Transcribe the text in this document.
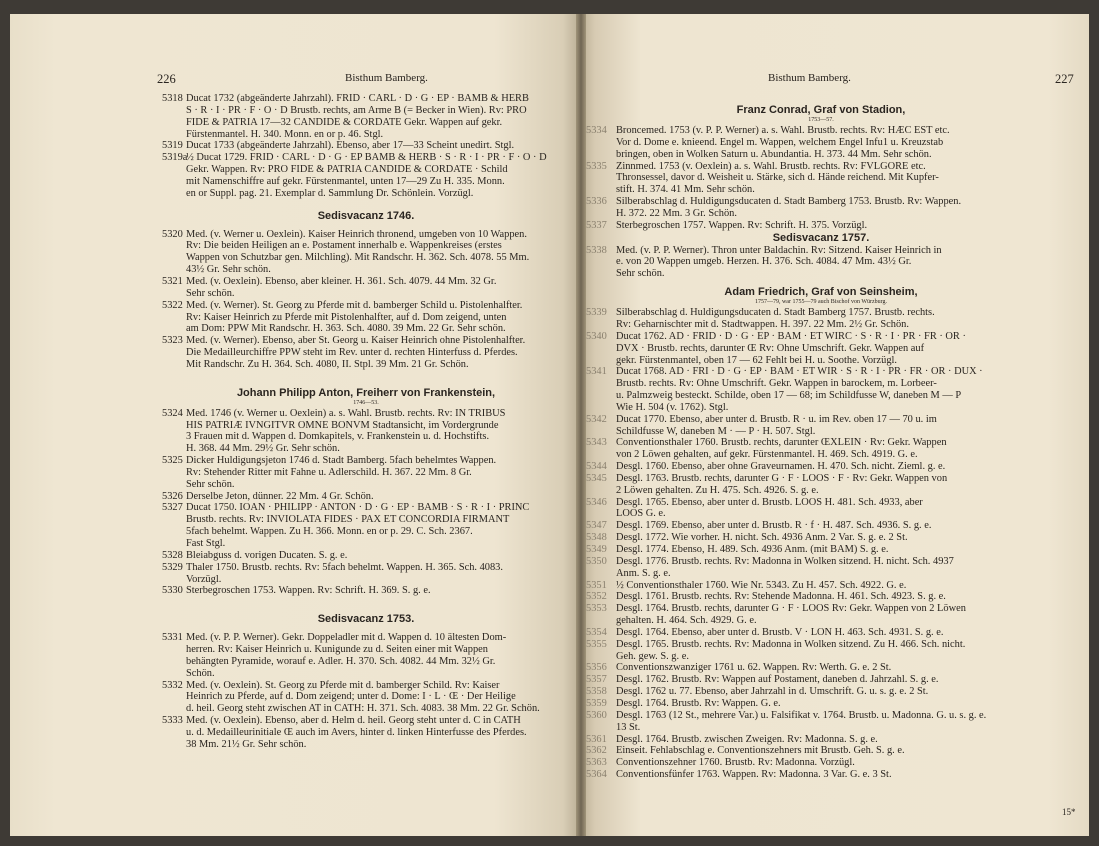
226	Bisthum Bamberg.
5318 Ducat 1732 (abgeänderte Jahrzahl). FRID · CARL · D · G · EP · BAMB & HERB
S · R · I · PR · F · O · D Brustb. rechts, am Arme B (= Becker in Wien). Rv: PRO
FIDE & PATRIA 17—32 CANDIDE & CORDATE Gekr. Wappen auf gekr.
Fürstenmantel. H. 340. Monn. en or p. 46. Stgl.
5319 Ducat 1733 (abgeänderte Jahrzahl). Ebenso, aber 17—33 Scheint unedirt. Stgl.
5319a
½ Ducat 1729. FRID · CARL · D · G · EP BAMB & HERB · S · R · I · PR · F · O · D
Gekr. Wappen. Rv: PRO FIDE & PATRIA CANDIDE & CORDATE · Schild
mit Namenschiffre auf gekr. Fürstenmantel, unten 17—29 Zu H. 335. Monn.
en or Suppl. pag. 21. Exemplar d. Sammlung Dr. Schönlein. Vorzügl.

Sedisvacanz 1746.

5320 Med. (v. Werner u. Oexlein). Kaiser Heinrich thronend, umgeben von 10 Wappen.
Rv: Die beiden Heiligen an e. Postament innerhalb e. Wappenkreises (erstes
Wappen von Schutzbar gen. Milchling). Mit Randschr. H. 362. Sch. 4078. 55 Mm.
43½ Gr. Sehr schön.
5321 Med. (v. Oexlein). Ebenso, aber kleiner. H. 361. Sch. 4079. 44 Mm. 32 Gr.
Sehr schön.
5322 Med. (v. Werner). St. Georg zu Pferde mit d. bamberger Schild u. Pistolenhalfter.
Rv: Kaiser Heinrich zu Pferde mit Pistolenhalfter, auf d. Dom zeigend, unten
am Dom: PPW Mit Randschr. H. 363. Sch. 4080. 39 Mm. 22 Gr. Sehr schön.
5323 Med. (v. Werner). Ebenso, aber St. Georg u. Kaiser Heinrich ohne Pistolenhalfter.
Die Medailleurchiffre PPW steht im Rev. unter d. rechten Hinterfuss d. Pferdes.
Mit Randschr. Zu H. 364. Sch. 4080, II. Stpl. 39 Mm. 21 Gr. Schön.

Johann Philipp Anton, Freiherr von Frankenstein,

1746—53.

5324 Med. 1746 (v. Werner u. Oexlein) a. s. Wahl. Brustb. rechts. Rv: IN TRIBUS
HIS PATRIÆ IVNGITVR OMNE BONVM Stadtansicht, im Vordergrunde
3 Frauen mit d. Wappen d. Domkapitels, v. Frankenstein u. d. Hochstifts.
H. 368. 44 Mm. 29½ Gr. Sehr schön.
5325 Dicker Huldigungsjeton 1746 d. Stadt Bamberg. 5fach behelmtes Wappen.
Rv: Stehender Ritter mit Fahne u. Adlerschild. H. 367. 22 Mm. 8 Gr.
Sehr schön.
5326 Derselbe Jeton, dünner. 22 Mm. 4 Gr. Schön.
5327 Ducat 1750. IOAN · PHILIPP · ANTON · D · G · EP · BAMB · S · R · I · PRINC
Brustb. rechts. Rv: INVIOLATA FIDES · PAX ET CONCORDIA FIRMANT
5fach behelmt. Wappen. Zu H. 366. Monn. en or p. 29. C. Sch. 2367.
Fast Stgl.
5328 Bleiabguss d. vorigen Ducaten. S. g. e.
5329 Thaler 1750. Brustb. rechts. Rv: 5fach behelmt. Wappen. H. 365. Sch. 4083.
Vorzügl.
5330 Sterbegroschen 1753. Wappen. Rv: Schrift. H. 369. S. g. e.

Sedisvacanz 1753.

5331 Med. (v. P. P. Werner). Gekr. Doppeladler mit d. Wappen d. 10 ältesten Dom-
herren. Rv: Kaiser Heinrich u. Kunigunde zu d. Seiten einer mit Wappen
behängten Pyramide, worauf e. Adler. H. 370. Sch. 4082. 44 Mm. 32½ Gr.
Schön.
5332 Med. (v. Oexlein). St. Georg zu Pferde mit d. bamberger Schild. Rv: Kaiser
Heinrich zu Pferde, auf d. Dom zeigend; unter d. Dome: I · L · Œ · Der Heilige
d. heil. Georg steht zwischen AT in CATH: H. 371. Sch. 4083. 38 Mm. 22 Gr. Schön.
5333 Med. (v. Oexlein). Ebenso, aber d. Helm d. heil. Georg steht unter d. C in CATH
u. d. Medailleurinitiale Œ auch im Avers, hinter d. linken Hinterfusse des Pferdes.
38 Mm. 21½ Gr. Sehr schön.
Bisthum Bamberg.	227

Franz Conrad, Graf von Stadion,

1753—57.

5334 Broncemed. 1753 (v. P. P. Werner) a. s. Wahl. Brustb. rechts. Rv: HÆC EST etc.
Vor d. Dome e. knieend. Engel m. Wappen, welchem Engel Infu1 u. Kreuzstab
bringen, oben in Wolken Saturn u. Abundantia. H. 373. 44 Mm. Sehr schön.
5335 Zinnmed. 1753 (v. Oexlein) a. s. Wahl. Brustb. rechts. Rv: FVLGORE etc.
Thronsessel, davor d. Weisheit u. Stärke, sich d. Hände reichend. Mit Kupfer-
stift. H. 374. 41 Mm. Sehr schön.
5336 Silberabschlag d. Huldigungsducaten d. Stadt Bamberg 1753. Brustb. Rv: Wappen.
H. 372. 22 Mm. 3 Gr. Schön.
5337 Sterbegroschen 1757. Wappen. Rv: Schrift. H. 375. Vorzügl.

Sedisvacanz 1757.

5338 Med. (v. P. P. Werner). Thron unter Baldachin. Rv: Sitzend. Kaiser Heinrich in
e. von 20 Wappen umgeb. Herzen. H. 376. Sch. 4084. 47 Mm. 43½ Gr.
Sehr schön.

Adam Friedrich, Graf von Seinsheim,

1757—79, war 1755—79 auch Bischof von Würzburg.

5339 Silberabschlag d. Huldigungsducaten d. Stadt Bamberg 1757. Brustb. rechts.
Rv: Geharnischter mit d. Stadtwappen. H. 397. 22 Mm. 2½ Gr. Schön.
5340 Ducat 1762. AD · FRID · D · G · EP · BAM · ET WIRC · S · R · I · PR · FR · OR ·
DVX · Brustb. rechts, darunter Œ Rv: Ohne Umschrift. Gekr. Wappen auf
gekr. Fürstenmantel, oben 17 — 62 Fehlt bei H. u. Soothe. Vorzügl.
5341 Ducat 1768. AD · FRI · D · G · EP · BAM · ET WIR · S · R · I · PR · FR · OR · DUX ·
Brustb. rechts. Rv: Ohne Umschrift. Gekr. Wappen in barockem, m. Lorbeer-
u. Palmzweig besteckt. Schilde, oben 17 — 68; im Schildfusse W, daneben M — P
Wie H. 504 (v. 1762). Stgl.
5342 Ducat 1770. Ebenso, aber unter d. Brustb. R · u. im Rev. oben 17 — 70 u. im
Schildfusse W, daneben M · — P · H. 507. Stgl.
5343 Conventionsthaler 1760. Brustb. rechts, darunter ŒXLEIN · Rv: Gekr. Wappen
von 2 Löwen gehalten, auf gekr. Fürstenmantel. H. 469. Sch. 4919. G. e.
5344 Desgl. 1760. Ebenso, aber ohne Graveurnamen. H. 470. Sch. nicht. Zieml. g. e.
5345 Desgl. 1763. Brustb. rechts, darunter G · F · LOOS · F · Rv: Gekr. Wappen von
2 Löwen gehalten. Zu H. 475. Sch. 4926. S. g. e.
5346 Desgl. 1765. Ebenso, aber unter d. Brustb. LOOS H. 481. Sch. 4933, aber
LOOS G. e.
5347 Desgl. 1769. Ebenso, aber unter d. Brustb. R · f · H. 487. Sch. 4936. S. g. e.
5348 Desgl. 1772. Wie vorher. H. nicht. Sch. 4936 Anm. 2 Var. S. g. e. 2 St.
5349 Desgl. 1774. Ebenso, H. 489. Sch. 4936 Anm. (mit BAM) S. g. e.
5350 Desgl. 1776. Brustb. rechts. Rv: Madonna in Wolken sitzend. H. nicht. Sch. 4937
Anm. S. g. e.
5351 ½ Conventionsthaler 1760. Wie Nr. 5343. Zu H. 457. Sch. 4922. G. e.
5352 Desgl. 1761. Brustb. rechts. Rv: Stehende Madonna. H. 461. Sch. 4923. S. g. e.
5353 Desgl. 1764. Brustb. rechts, darunter G · F · LOOS Rv: Gekr. Wappen von 2 Löwen
gehalten. H. 464. Sch. 4929. G. e.
5354 Desgl. 1764. Ebenso, aber unter d. Brustb. V · LON H. 463. Sch. 4931. S. g. e.
5355 Desgl. 1765. Brustb. rechts. Rv: Madonna in Wolken sitzend. Zu H. 466. Sch. nicht.
Geh. gew. S. g. e.
5356 Conventionszwanziger 1761 u. 62. Wappen. Rv: Werth. G. e. 2 St.
5357 Desgl. 1762. Brustb. Rv: Wappen auf Postament, daneben d. Jahrzahl. S. g. e.
5358 Desgl. 1762 u. 77. Ebenso, aber Jahrzahl in d. Umschrift. G. u. s. g. e. 2 St.
5359 Desgl. 1764. Brustb. Rv: Wappen. G. e.
5360 Desgl. 1763 (12 St., mehrere Var.) u. Falsifikat v. 1764. Brustb. u. Madonna. G. u. s. g. e.
13 St.
5361 Desgl. 1764. Brustb. zwischen Zweigen. Rv: Madonna. S. g. e.
5362 Einseit. Fehlabschlag e. Conventionszehners mit Brustb. Geh. S. g. e.
5363 Conventionszehner 1760. Brustb. Rv: Madonna. Vorzügl.
5364 Conventionsfünfer 1763. Wappen. Rv: Madonna. 3 Var. G. e. 3 St.
15*
